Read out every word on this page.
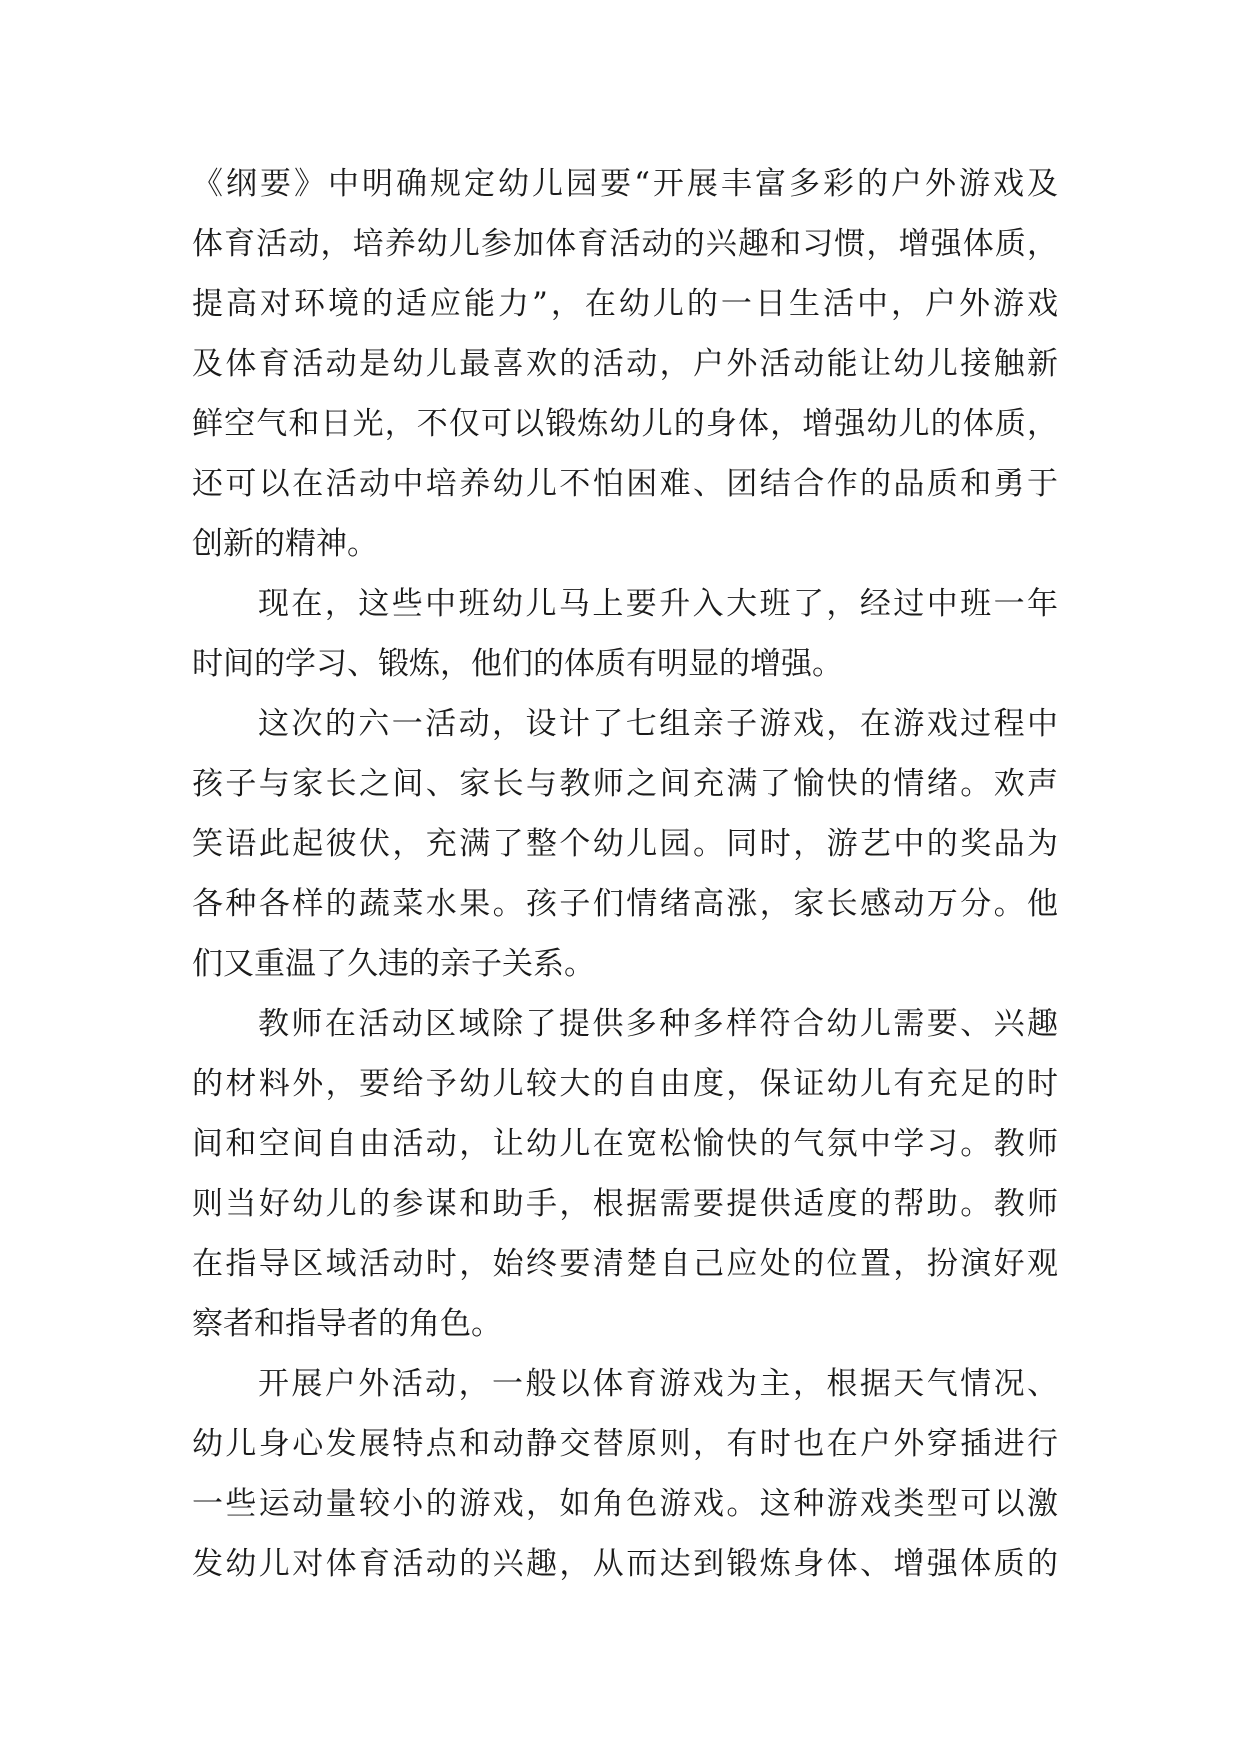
《纲要》中明确规定幼儿园要“开展丰富多彩的户外游戏及
体育活动，培养幼儿参加体育活动的兴趣和习惯，增强体质，
提高对环境的适应能力”，在幼儿的一日生活中，户外游戏
及体育活动是幼儿最喜欢的活动，户外活动能让幼儿接触新
鲜空气和日光，不仅可以锻炼幼儿的身体，增强幼儿的体质，
还可以在活动中培养幼儿不怕困难、团结合作的品质和勇于
创新的精神。
现在，这些中班幼儿马上要升入大班了，经过中班一年
时间的学习、锻炼，他们的体质有明显的增强。
这次的六一活动，设计了七组亲子游戏，在游戏过程中
孩子与家长之间、家长与教师之间充满了愉快的情绪。欢声
笑语此起彼伏，充满了整个幼儿园。同时，游艺中的奖品为
各种各样的蔬菜水果。孩子们情绪高涨，家长感动万分。他
们又重温了久违的亲子关系。
教师在活动区域除了提供多种多样符合幼儿需要、兴趣
的材料外，要给予幼儿较大的自由度，保证幼儿有充足的时
间和空间自由活动，让幼儿在宽松愉快的气氛中学习。教师
则当好幼儿的参谋和助手，根据需要提供适度的帮助。教师
在指导区域活动时，始终要清楚自己应处的位置，扮演好观
察者和指导者的角色。
开展户外活动，一般以体育游戏为主，根据天气情况、
幼儿身心发展特点和动静交替原则，有时也在户外穿插进行
一些运动量较小的游戏，如角色游戏。这种游戏类型可以激
发幼儿对体育活动的兴趣，从而达到锻炼身体、增强体质的
